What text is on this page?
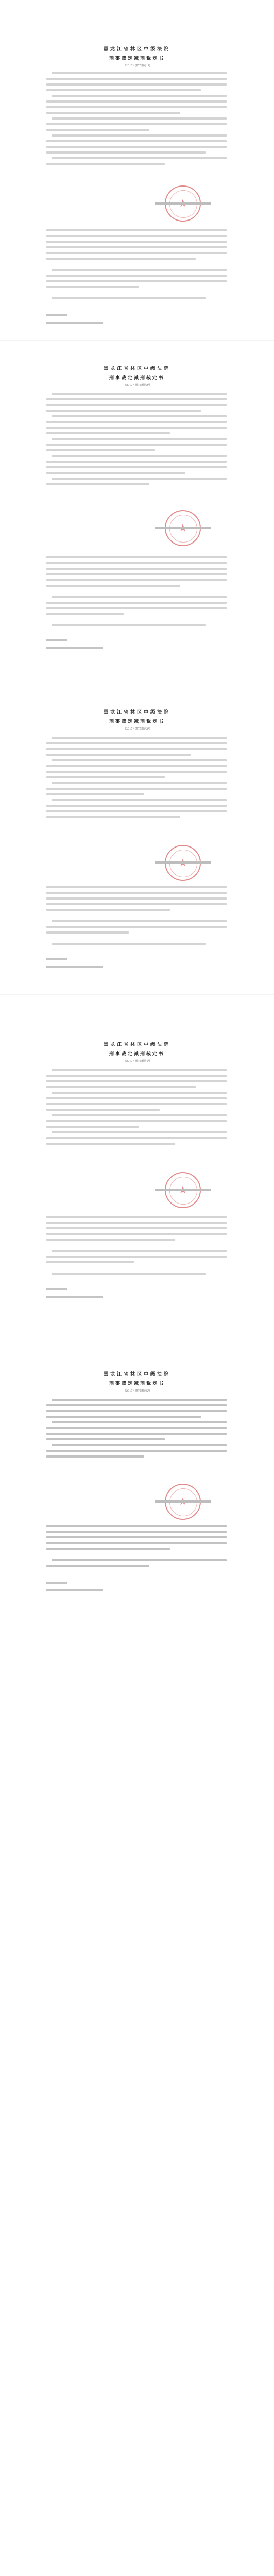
黑龙江省林区中级法院
刑事裁定减刑裁定书
（2017）黑75刑更1号
★
黑龙江省林区中级法院
刑事裁定减刑裁定书
（2017）黑75刑更2号
★
黑龙江省林区中级法院
刑事裁定减刑裁定书
（2017）黑75刑更3号
★
黑龙江省林区中级法院
刑事裁定减刑裁定书
（2017）黑75刑更4号
★
黑龙江省林区中级法院
刑事裁定减刑裁定书
（2017）黑75刑更5号
★
